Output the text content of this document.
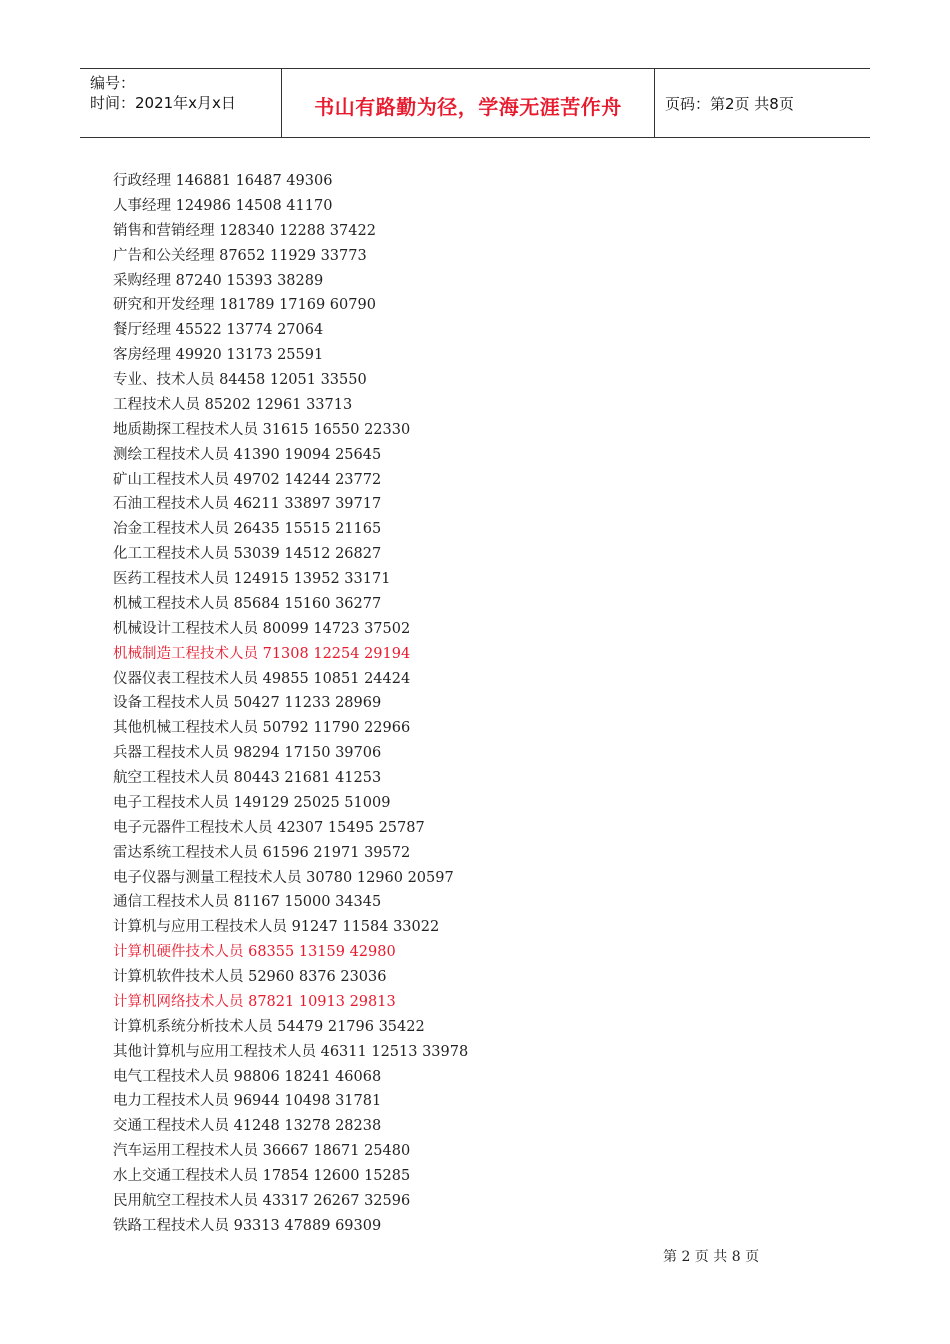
编号：
时间：2021年x月x日	书山有路勤为径，学海无涯苦作舟	页码：第2页 共8页
行政经理 146881 16487 49306
人事经理 124986 14508 41170
销售和营销经理 128340 12288 37422
广告和公关经理 87652 11929 33773
采购经理 87240 15393 38289
研究和开发经理 181789 17169 60790
餐厅经理 45522 13774 27064
客房经理 49920 13173 25591
专业、技术人员 84458 12051 33550
工程技术人员 85202 12961 33713
地质勘探工程技术人员 31615 16550 22330
测绘工程技术人员 41390 19094 25645
矿山工程技术人员 49702 14244 23772
石油工程技术人员 46211 33897 39717
冶金工程技术人员 26435 15515 21165
化工工程技术人员 53039 14512 26827
医药工程技术人员 124915 13952 33171
机械工程技术人员 85684 15160 36277
机械设计工程技术人员 80099 14723 37502
机械制造工程技术人员 71308 12254 29194
仪器仪表工程技术人员 49855 10851 24424
设备工程技术人员 50427 11233 28969
其他机械工程技术人员 50792 11790 22966
兵器工程技术人员 98294 17150 39706
航空工程技术人员 80443 21681 41253
电子工程技术人员 149129 25025 51009
电子元器件工程技术人员 42307 15495 25787
雷达系统工程技术人员 61596 21971 39572
电子仪器与测量工程技术人员 30780 12960 20597
通信工程技术人员 81167 15000 34345
计算机与应用工程技术人员 91247 11584 33022
计算机硬件技术人员 68355 13159 42980
计算机软件技术人员 52960 8376 23036
计算机网络技术人员 87821 10913 29813
计算机系统分析技术人员 54479 21796 35422
其他计算机与应用工程技术人员 46311 12513 33978
电气工程技术人员 98806 18241 46068
电力工程技术人员 96944 10498 31781
交通工程技术人员 41248 13278 28238
汽车运用工程技术人员 36667 18671 25480
水上交通工程技术人员 17854 12600 15285
民用航空工程技术人员 43317 26267 32596
铁路工程技术人员 93313 47889 69309
第 2 页 共 8 页
